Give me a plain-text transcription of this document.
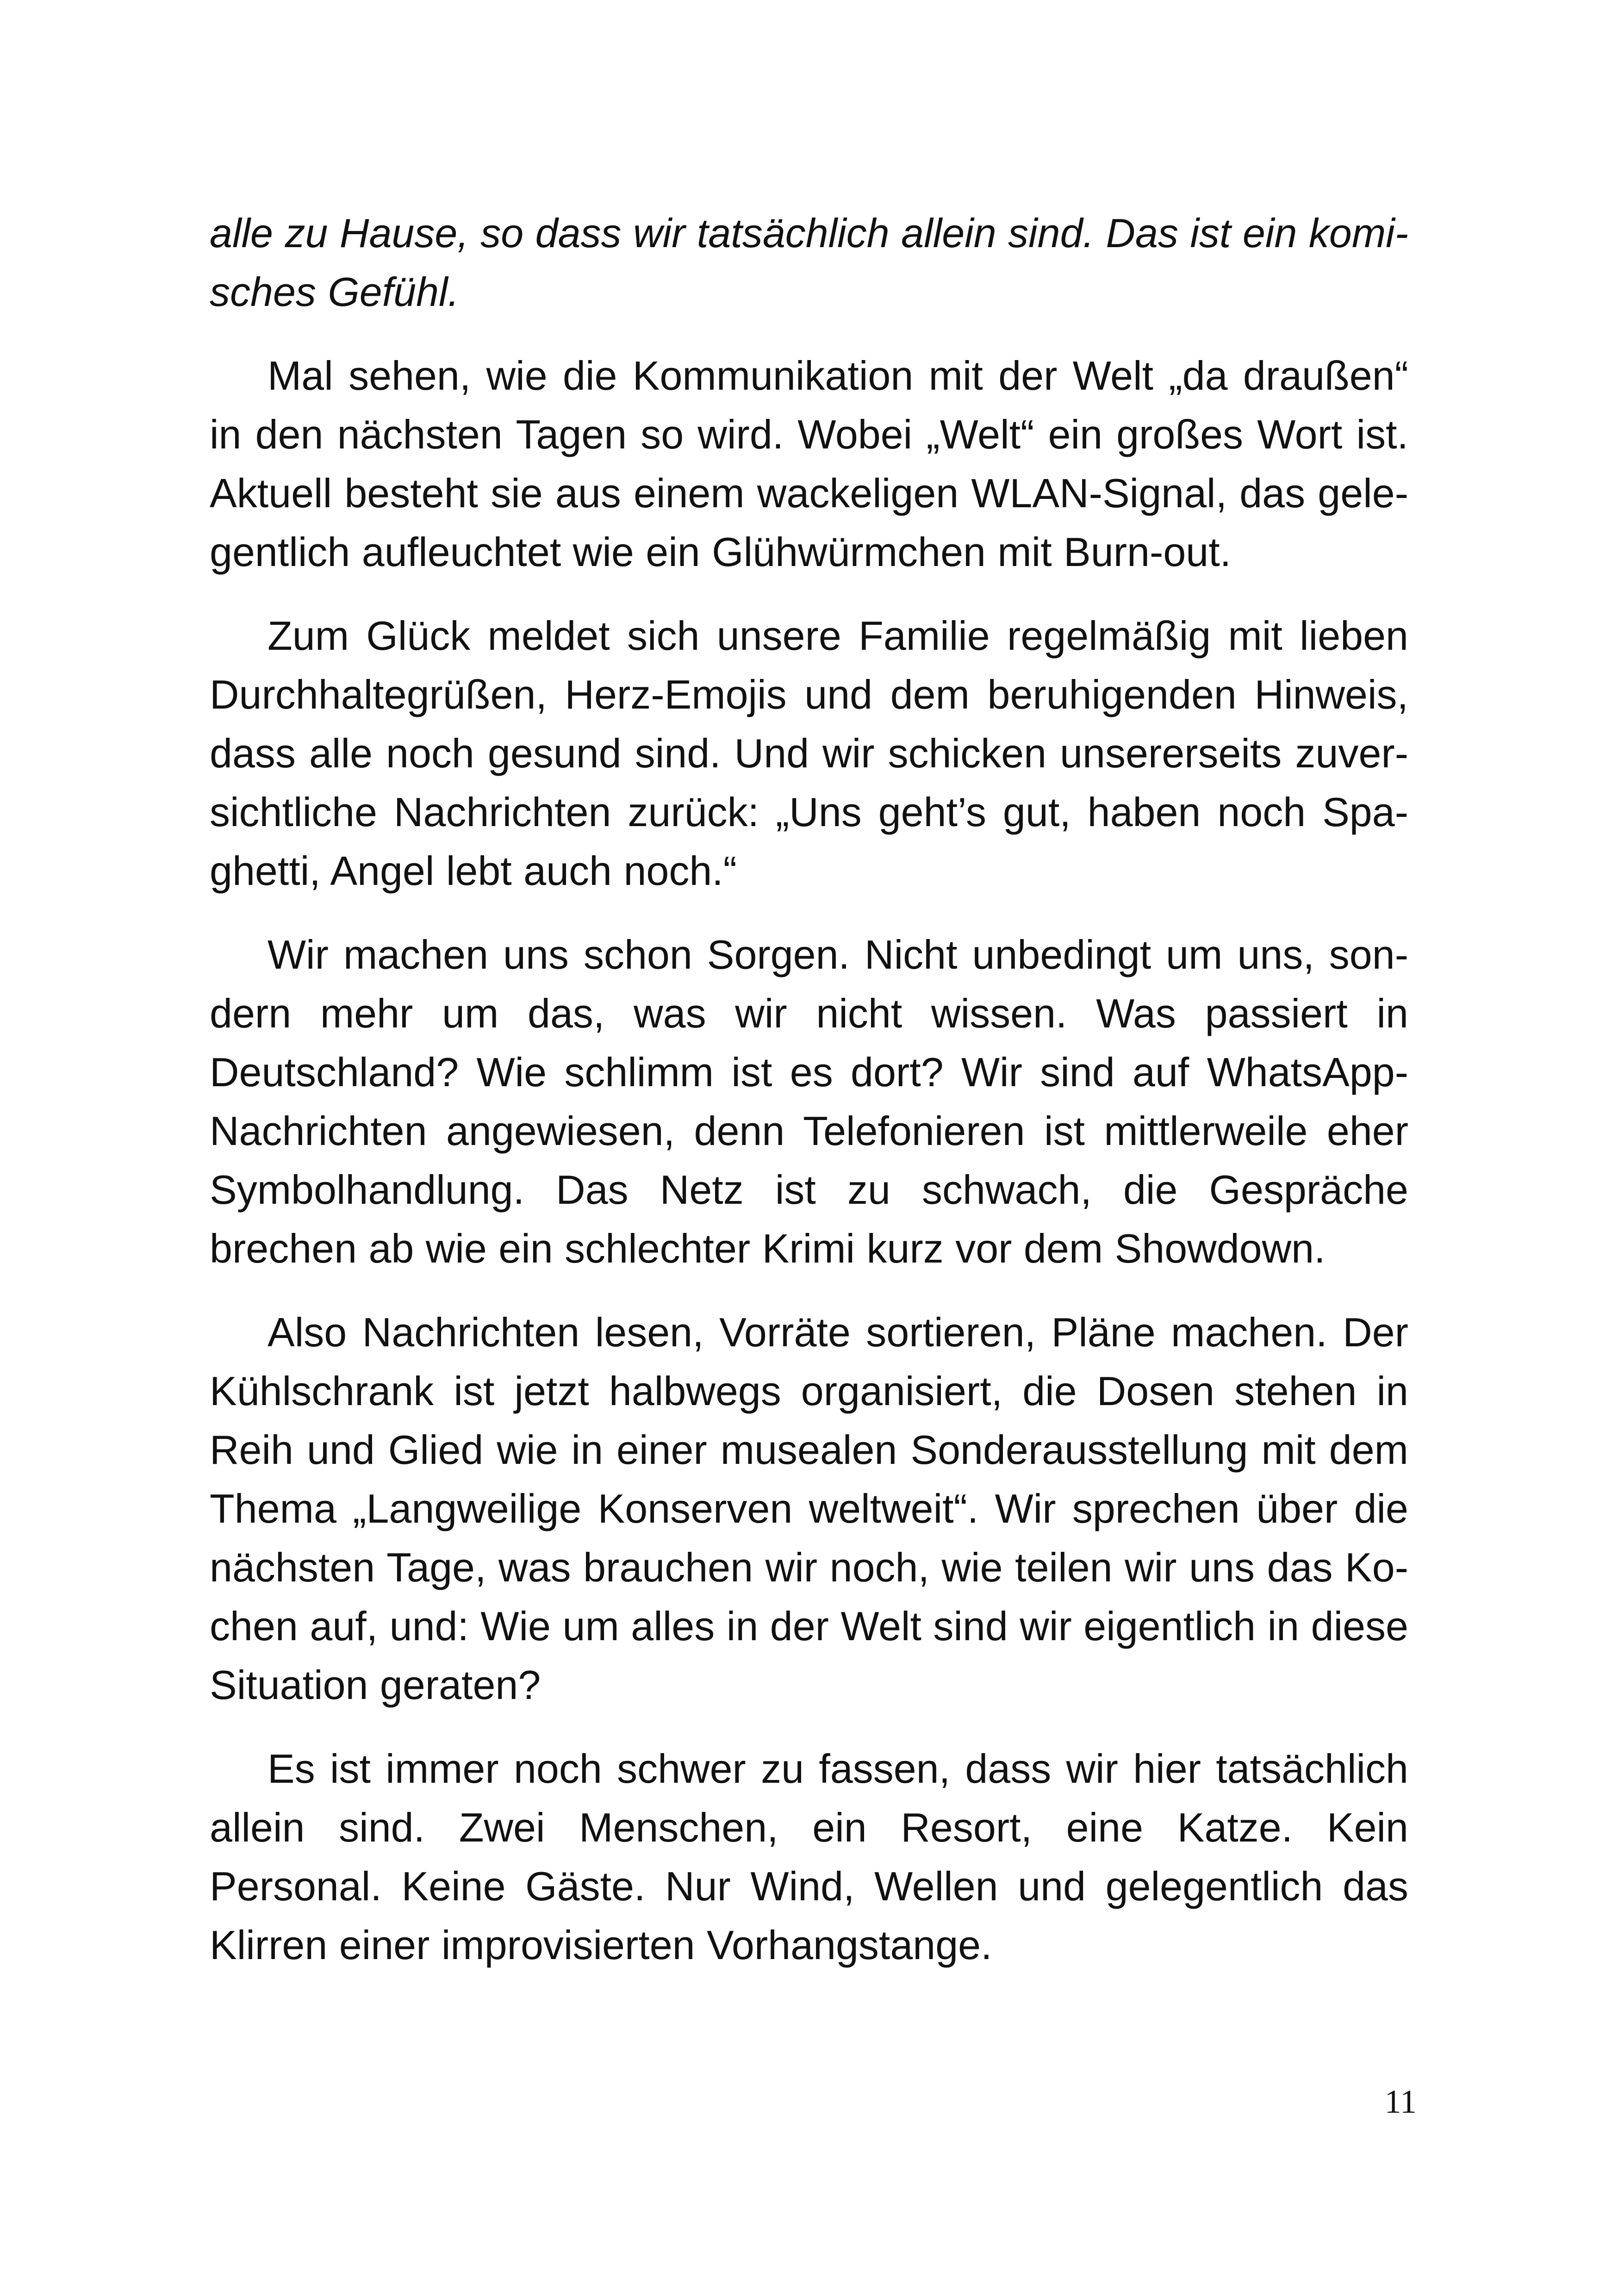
alle zu Hause, so dass wir tatsächlich allein sind. Das ist ein komisches Gefühl.

Mal sehen, wie die Kommunikation mit der Welt „da draußen“ in den nächsten Tagen so wird. Wobei „Welt“ ein großes Wort ist. Aktuell besteht sie aus einem wackeligen WLAN-Signal, das gelegentlich aufleuchtet wie ein Glühwürmchen mit Burn-out.

Zum Glück meldet sich unsere Familie regelmäßig mit lieben Durchhaltegrüßen, Herz-Emojis und dem beruhigenden Hinweis, dass alle noch gesund sind. Und wir schicken unsererseits zuversichtliche Nachrichten zurück: „Uns geht’s gut, haben noch Spaghetti, Angel lebt auch noch.“

Wir machen uns schon Sorgen. Nicht unbedingt um uns, sondern mehr um das, was wir nicht wissen. Was passiert in Deutschland? Wie schlimm ist es dort? Wir sind auf WhatsApp-Nachrichten angewiesen, denn Telefonieren ist mittlerweile eher Symbolhandlung. Das Netz ist zu schwach, die Gespräche brechen ab wie ein schlechter Krimi kurz vor dem Showdown.

Also Nachrichten lesen, Vorräte sortieren, Pläne machen. Der Kühlschrank ist jetzt halbwegs organisiert, die Dosen stehen in Reih und Glied wie in einer musealen Sonderausstellung mit dem Thema „Langweilige Konserven weltweit“. Wir sprechen über die nächsten Tage, was brauchen wir noch, wie teilen wir uns das Kochen auf, und: Wie um alles in der Welt sind wir eigentlich in diese Situation geraten?

Es ist immer noch schwer zu fassen, dass wir hier tatsächlich allein sind. Zwei Menschen, ein Resort, eine Katze. Kein Personal. Keine Gäste. Nur Wind, Wellen und gelegentlich das Klirren einer improvisierten Vorhangstange.

11
